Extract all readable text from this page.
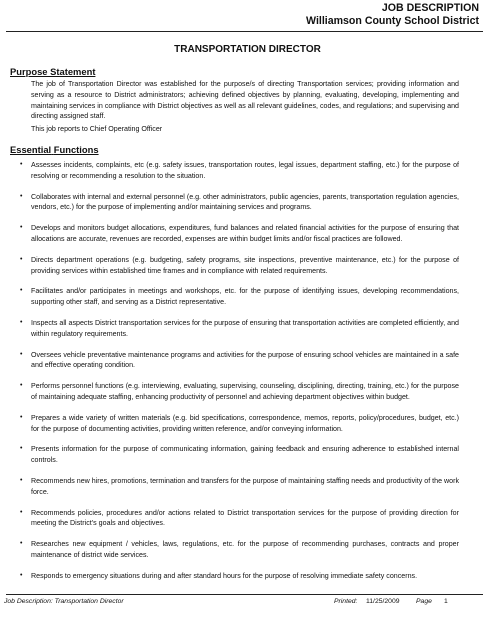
JOB DESCRIPTION
Williamson County School District
TRANSPORTATION DIRECTOR
Purpose Statement
The job of Transportation Director was established for the purpose/s of directing Transportation services; providing information and serving as a resource to District administrators; achieving defined objectives by planning, evaluating, developing, implementing and maintaining services in compliance with District objectives as well as all relevant guidelines, codes, and regulations; and supervising and directing assigned staff.
This job reports to Chief Operating Officer
Essential Functions
• Assesses incidents, complaints, etc (e.g. safety issues, transportation routes, legal issues, department staffing, etc.) for the purpose of resolving or recommending a resolution to the situation.
• Collaborates with internal and external personnel (e.g. other administrators, public agencies, parents, transportation regulation agencies, vendors, etc.) for the purpose of implementing and/or maintaining services and programs.
• Develops and monitors budget allocations, expenditures, fund balances and related financial activities for the purpose of ensuring that allocations are accurate, revenues are recorded, expenses are within budget limits and/or fiscal practices are followed.
• Directs department operations (e.g. budgeting, safety programs, site inspections, preventive maintenance, etc.) for the purpose of providing services within established time frames and in compliance with related requirements.
• Facilitates and/or participates in meetings and workshops, etc. for the purpose of identifying issues, developing recommendations, supporting other staff, and serving as a District representative.
• Inspects all aspects District transportation services for the purpose of ensuring that transportation activities are completed efficiently, and within regulatory requirements.
• Oversees vehicle preventative maintenance programs and activities for the purpose of ensuring school vehicles are maintained in a safe and effective operating condition.
• Performs personnel functions (e.g. interviewing, evaluating, supervising, counseling, disciplining, directing, training, etc.) for the purpose of maintaining adequate staffing, enhancing productivity of personnel and achieving department objectives within budget.
• Prepares a wide variety of written materials (e.g. bid specifications, correspondence, memos, reports, policy/procedures, budget, etc.) for the purpose of documenting activities, providing written reference, and/or conveying information.
• Presents information for the purpose of communicating information, gaining feedback and ensuring adherence to established internal controls.
• Recommends new hires, promotions, termination and transfers for the purpose of maintaining staffing needs and productivity of the work force.
• Recommends policies, procedures and/or actions related to District transportation services for the purpose of providing direction for meeting the District’s goals and objectives.
• Researches new equipment / vehicles, laws, regulations, etc. for the purpose of recommending purchases, contracts and proper maintenance of district wide services.
• Responds to emergency situations during and after standard hours for the purpose of resolving immediate safety concerns.
Job Description: Transportation Director	Printed: 11/25/2009 Page 1
